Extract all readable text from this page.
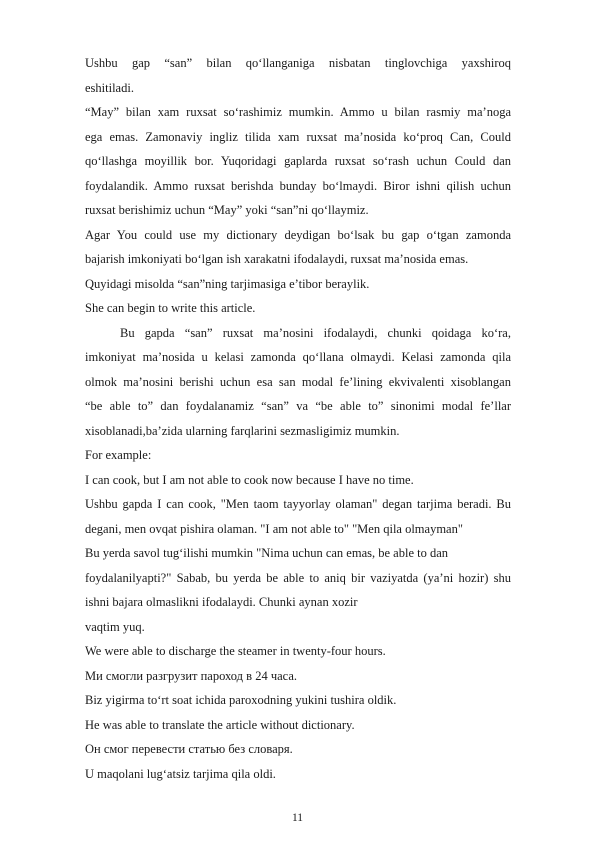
Ushbu gap “san” bilan qo‘llanganiga nisbatan tinglovchiga yaxshiroq
eshitiladi.
“May” bilan xam ruxsat so‘rashimiz mumkin. Ammo u bilan rasmiy ma’noga
ega emas. Zamonaviy ingliz tilida xam ruxsat ma’nosida ko‘proq Can, Could
qo‘llashga moyillik bor. Yuqoridagi gaplarda ruxsat so‘rash uchun Could dan
foydalandik. Ammo ruxsat berishda bunday bo‘lmaydi. Biror ishni qilish uchun
ruxsat berishimiz uchun “May” yoki “san”ni qo‘llaymiz.
Agar You could use my dictionary deydigan bo‘lsak bu gap o‘tgan zamonda
bajarish imkoniyati bo‘lgan ish xarakatni ifodalaydi, ruxsat ma’nosida emas.
Quyidagi misolda “san”ning tarjimasiga e’tibor beraylik.
She can begin to write this article.
Bu gapda “san” ruxsat ma’nosini ifodalaydi, chunki qoidaga ko‘ra,
imkoniyat ma’nosida u kelasi zamonda qo‘llana olmaydi. Kelasi zamonda qila
olmok ma’nosini berishi uchun esa san modal fe’lining ekvivalenti xisoblangan
“be able to” dan foydalanamiz “san” va “be able to” sinonimi modal fe’llar
xisoblanadi,ba’zida ularning farqlarini sezmasligimiz mumkin.
For example:
I can cook, but I am not able to cook now because I have no time.
Ushbu gapda I can cook, "Men taom tayyorlay olaman" degan tarjima beradi. Bu
degani, men ovqat pishira olaman. "I am not able to" "Men qila olmayman"
Bu yerda savol tug‘ilishi mumkin "Nima uchun can emas, be able to dan
foydalanilyapti?" Sabab, bu yerda be able to aniq bir vaziyatda (ya’ni hozir) shu
ishni bajara olmaslikni ifodalaydi. Chunki aynan xozir
vaqtim yuq.
We were able to discharge the steamer in twenty-four hours.
Ми смогли разгрузит пароход в 24 часа.
Biz yigirma to‘rt soat ichida paroxodning yukini tushira oldik.
He was able to translate the article without dictionary.
Он смог перевести статью без словаря.
U maqolani lug‘atsiz tarjima qila oldi.
11
